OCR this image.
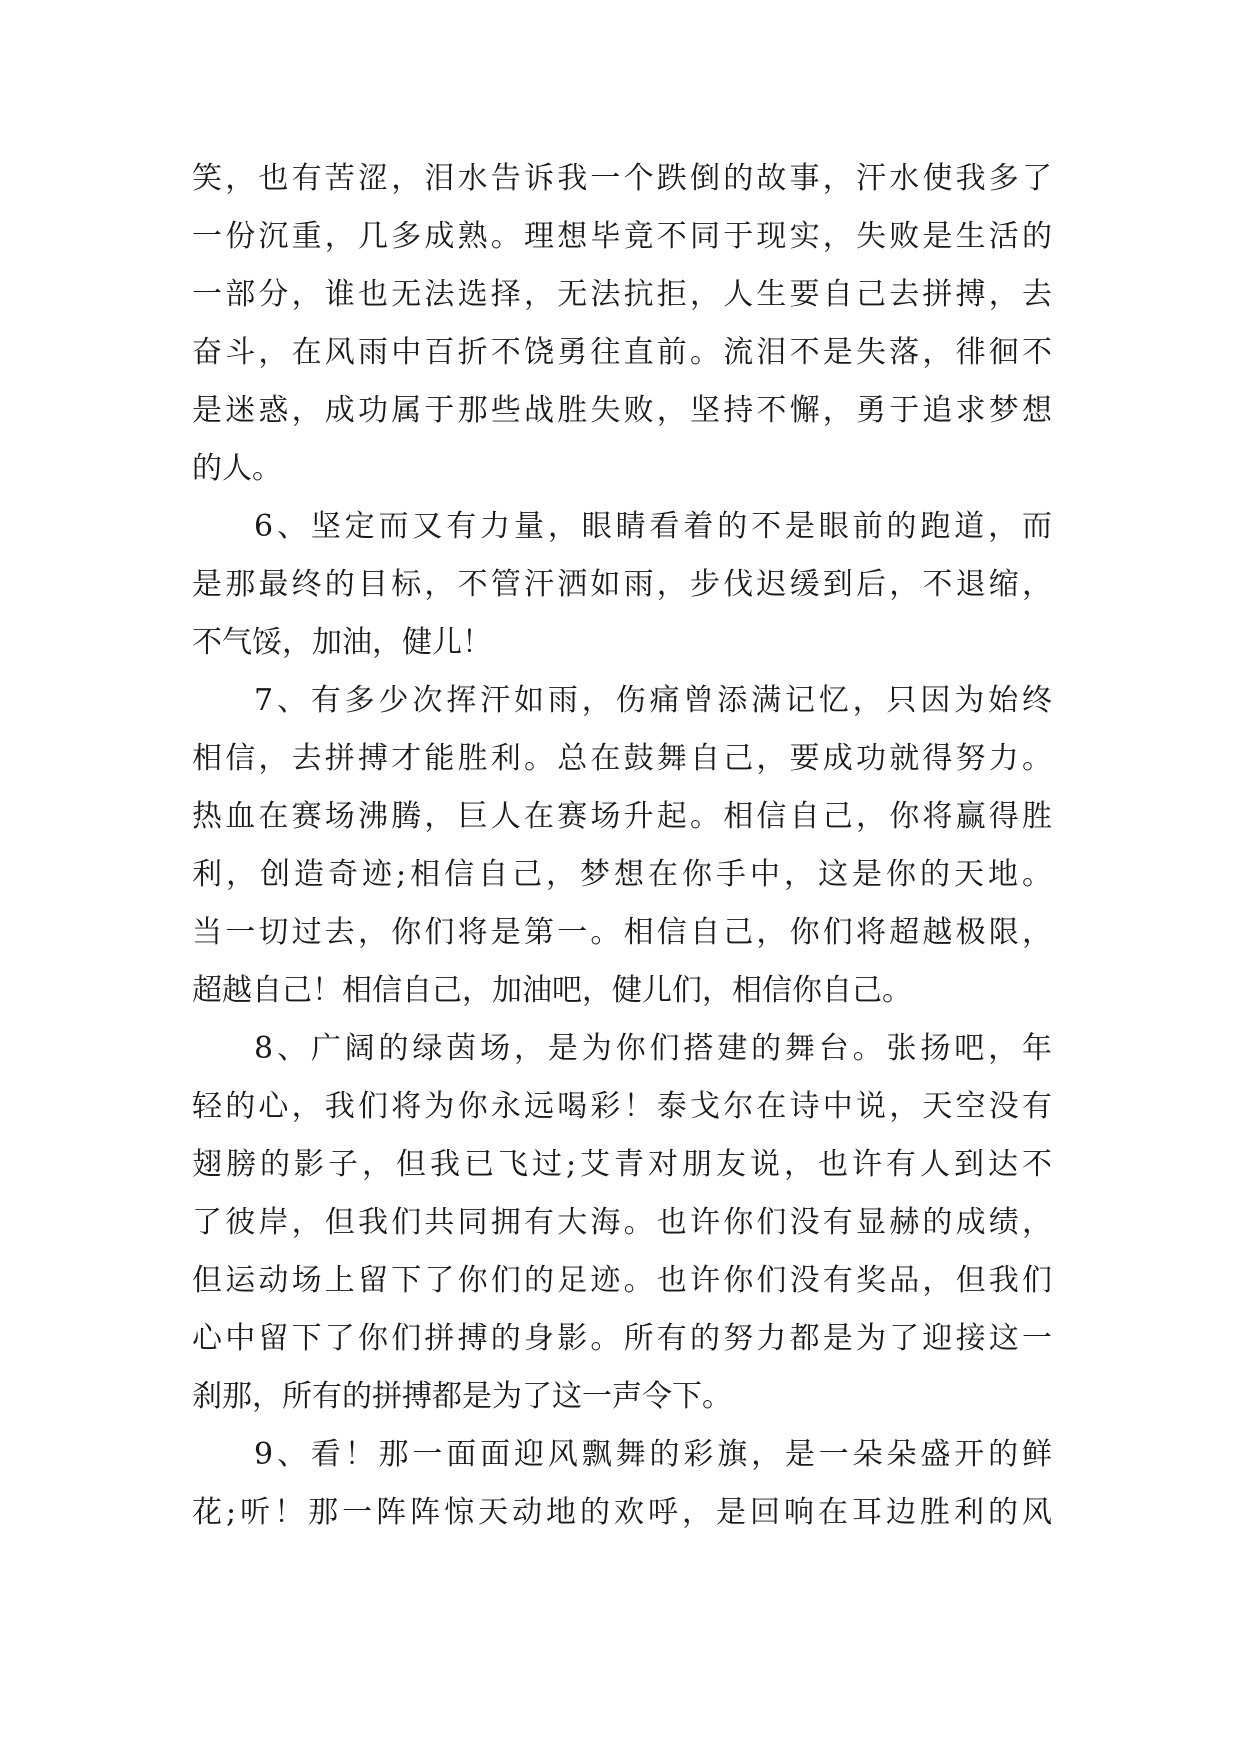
笑，也有苦涩，泪水告诉我一个跌倒的故事，汗水使我多了
一份沉重，几多成熟。理想毕竟不同于现实，失败是生活的
一部分，谁也无法选择，无法抗拒，人生要自己去拼搏，去
奋斗，在风雨中百折不饶勇往直前。流泪不是失落，徘徊不
是迷惑，成功属于那些战胜失败，坚持不懈，勇于追求梦想
的人。
6、坚定而又有力量，眼睛看着的不是眼前的跑道，而
是那最终的目标，不管汗洒如雨，步伐迟缓到后，不退缩，
不气馁，加油，健儿！
7、有多少次挥汗如雨，伤痛曾添满记忆，只因为始终
相信，去拼搏才能胜利。总在鼓舞自己，要成功就得努力。
热血在赛场沸腾，巨人在赛场升起。相信自己，你将赢得胜
利，创造奇迹;相信自己，梦想在你手中，这是你的天地。
当一切过去，你们将是第一。相信自己，你们将超越极限，
超越自己！相信自己，加油吧，健儿们，相信你自己。
8、广阔的绿茵场，是为你们搭建的舞台。张扬吧，年
轻的心，我们将为你永远喝彩！泰戈尔在诗中说，天空没有
翅膀的影子，但我已飞过;艾青对朋友说，也许有人到达不
了彼岸，但我们共同拥有大海。也许你们没有显赫的成绩，
但运动场上留下了你们的足迹。也许你们没有奖品，但我们
心中留下了你们拼搏的身影。所有的努力都是为了迎接这一
刹那，所有的拼搏都是为了这一声令下。
9、看！那一面面迎风飘舞的彩旗，是一朵朵盛开的鲜
花;听！那一阵阵惊天动地的欢呼，是回响在耳边胜利的风
